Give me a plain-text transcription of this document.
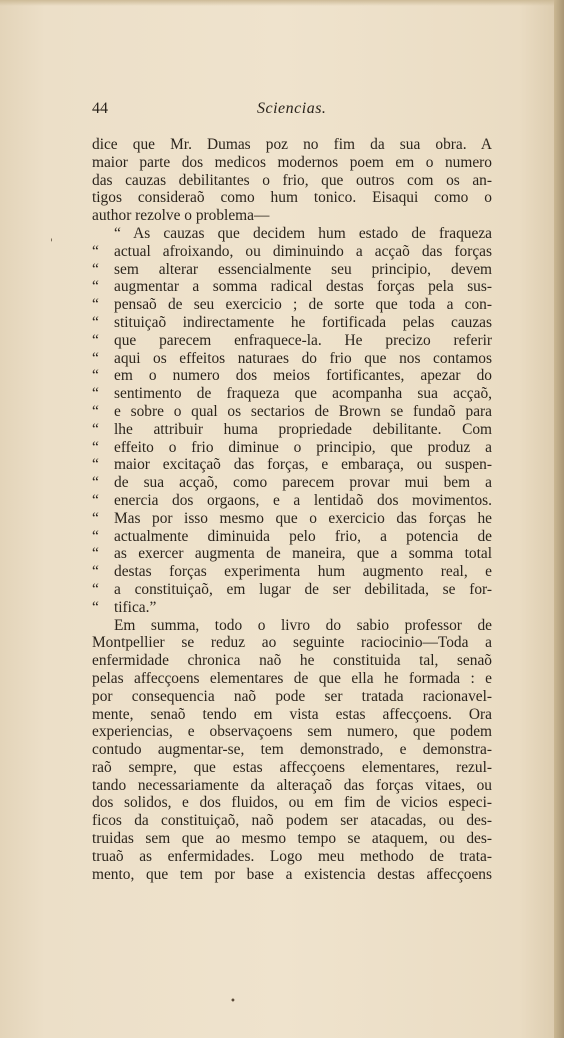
44	Sciencias.
dice que Mr. Dumas poz no fim da sua obra. A
maior parte dos medicos modernos poem em o numero
das cauzas debilitantes o frio, que outros com os an-
tigos consideraõ como hum tonico. Eisaqui como o
author rezolve o problema—
“ As cauzas que decidem hum estado de fraqueza
“ actual afroixando, ou diminuindo a acçaõ das forças
“ sem alterar essencialmente seu principio, devem
“ augmentar a somma radical destas forças pela sus-
“ pensaõ de seu exercicio ; de sorte que toda a con-
“ stituiçaõ indirectamente he fortificada pelas cauzas
“ que parecem enfraquece-la. He precizo referir
“ aqui os effeitos naturaes do frio que nos contamos
“ em o numero dos meios fortificantes, apezar do
“ sentimento de fraqueza que acompanha sua acçaõ,
“ e sobre o qual os sectarios de Brown se fundaõ para
“ lhe attribuir huma propriedade debilitante. Com
“ effeito o frio diminue o principio, que produz a
“ maior excitaçaõ das forças, e embaraça, ou suspen-
“ de sua acçaõ, como parecem provar mui bem a
“ enercia dos orgaons, e a lentidaõ dos movimentos.
“ Mas por isso mesmo que o exercicio das forças he
“ actualmente diminuida pelo frio, a potencia de
“ as exercer augmenta de maneira, que a somma total
“ destas forças experimenta hum augmento real, e
“ a constituiçaõ, em lugar de ser debilitada, se for-
“ tifica.”
Em summa, todo o livro do sabio professor de
Montpellier se reduz ao seguinte raciocinio—Toda a
enfermidade chronica naõ he constituida tal, senaõ
pelas affecçoens elementares de que ella he formada : e
por consequencia naõ pode ser tratada racionavel-
mente, senaõ tendo em vista estas affecçoens. Ora
experiencias, e observaçoens sem numero, que podem
contudo augmentar-se, tem demonstrado, e demonstra-
raõ sempre, que estas affecçoens elementares, rezul-
tando necessariamente da alteraçaõ das forças vitaes, ou
dos solidos, e dos fluidos, ou em fim de vicios especi-
ficos da constituiçaõ, naõ podem ser atacadas, ou des-
truidas sem que ao mesmo tempo se ataquem, ou des-
truaõ as enfermidades. Logo meu methodo de trata-
mento, que tem por base a existencia destas affecçoens
'
•
